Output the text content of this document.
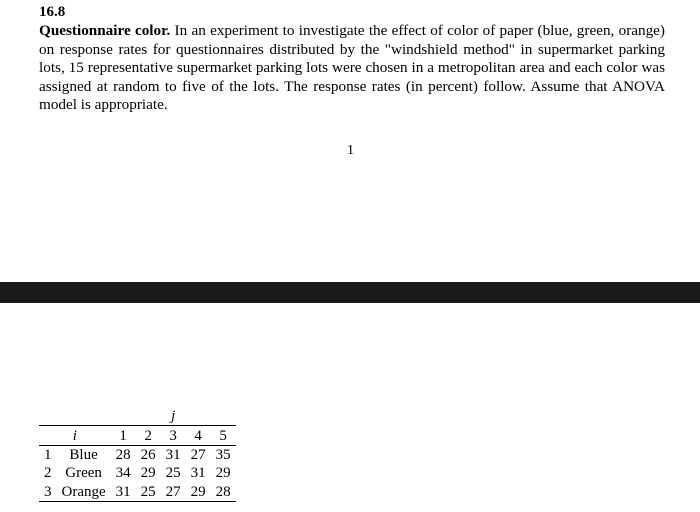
16.8

Questionnaire color. In an experiment to investigate the effect of color of paper (blue, green, orange) on response rates for questionnaires distributed by the "windshield method" in supermarket parking lots, 15 representative supermarket parking lots were chosen in a metropolitan area and each color was assigned at random to five of the lots. The response rates (in percent) follow. Assume that ANOVA model is appropriate.

1
				j		
i		1	2	3	4	5
1	Blue	28	26	31	27	35
2	Green	34	29	25	31	29
3	Orange	31	25	27	29	28
